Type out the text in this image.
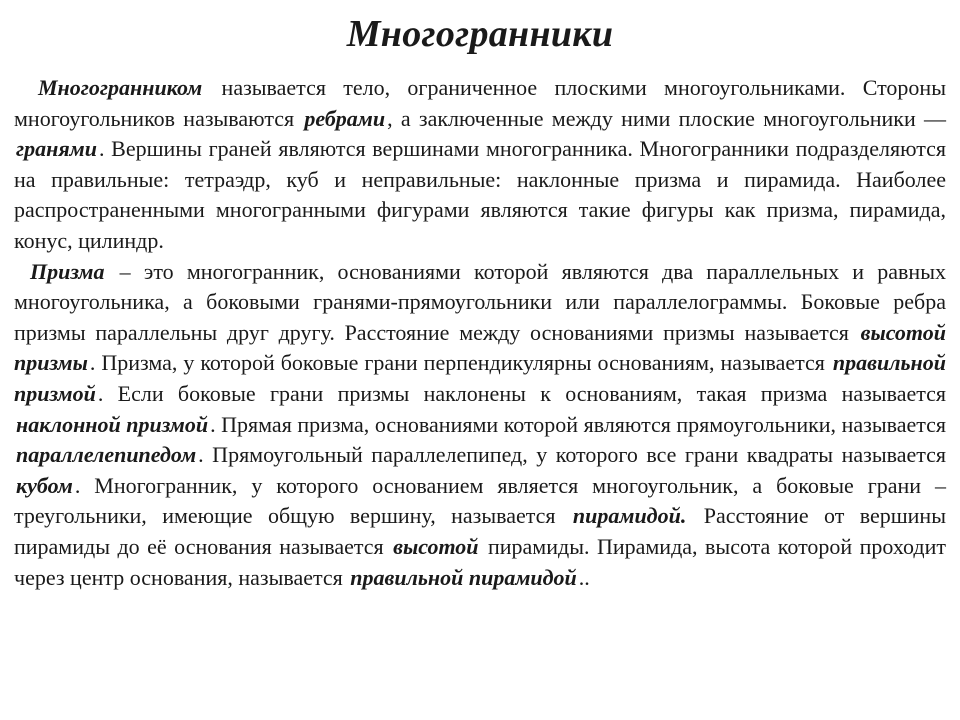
Многогранники

Многогранником называется тело, ограниченное плоскими многоугольниками. Стороны многоугольников называются ребрами, а заключенные между ними плоские многоугольники — гранями. Вершины граней являются вершинами многогранника. Многогранники подразделяются на правильные: тетраэдр, куб и неправильные: наклонные призма и пирамида. Наиболее распространенными многогранными фигурами являются такие фигуры как призма, пирамида, конус, цилиндр.

Призма – это многогранник, основаниями которой являются два параллельных и равных многоугольника, а боковыми гранями-прямоугольники или параллелограммы. Боковые ребра призмы параллельны друг другу. Расстояние между основаниями призмы называется высотой призмы. Призма, у которой боковые грани перпендикулярны основаниям, называется правильной призмой. Если боковые грани призмы наклонены к основаниям, такая призма называется наклонной призмой. Прямая призма, основаниями которой являются прямоугольники, называется параллелепипедом. Прямоугольный параллелепипед, у которого все грани квадраты называется кубом. Многогранник, у которого основанием является многоугольник, а боковые грани – треугольники, имеющие общую вершину, называется пирамидой. Расстояние от вершины пирамиды до её основания называется высотой пирамиды. Пирамида, высота которой проходит через центр основания, называется правильной пирамидой..
